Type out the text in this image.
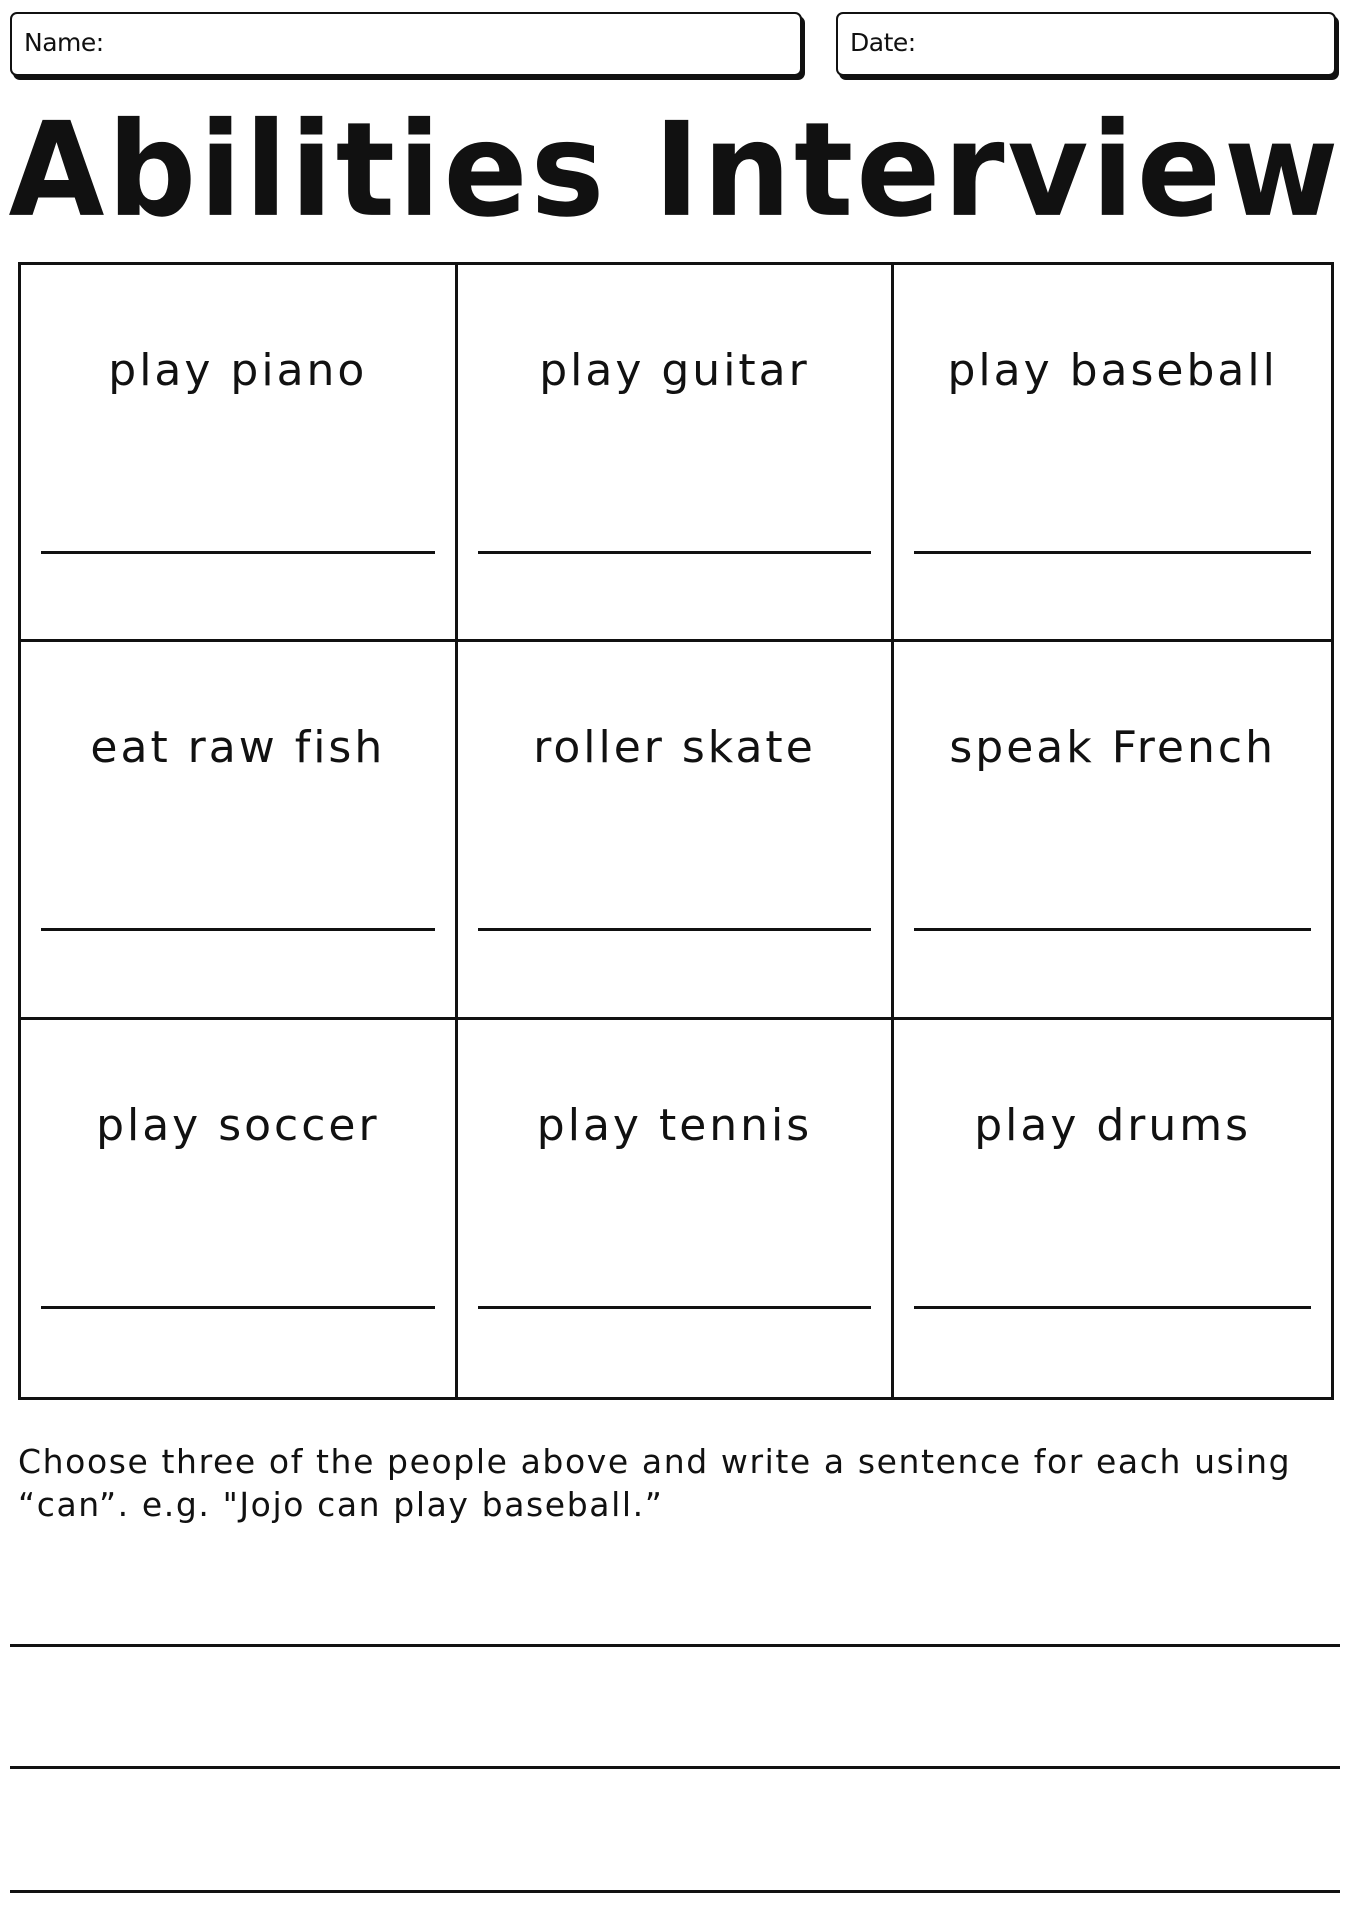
Name:	Date:
Abilities Interview
play piano	play guitar	play baseball
eat raw fish	roller skate	speak French
play soccer	play tennis	play drums
Choose three of the people above and write a sentence for each using “can”. e.g. "Jojo can play baseball.”
